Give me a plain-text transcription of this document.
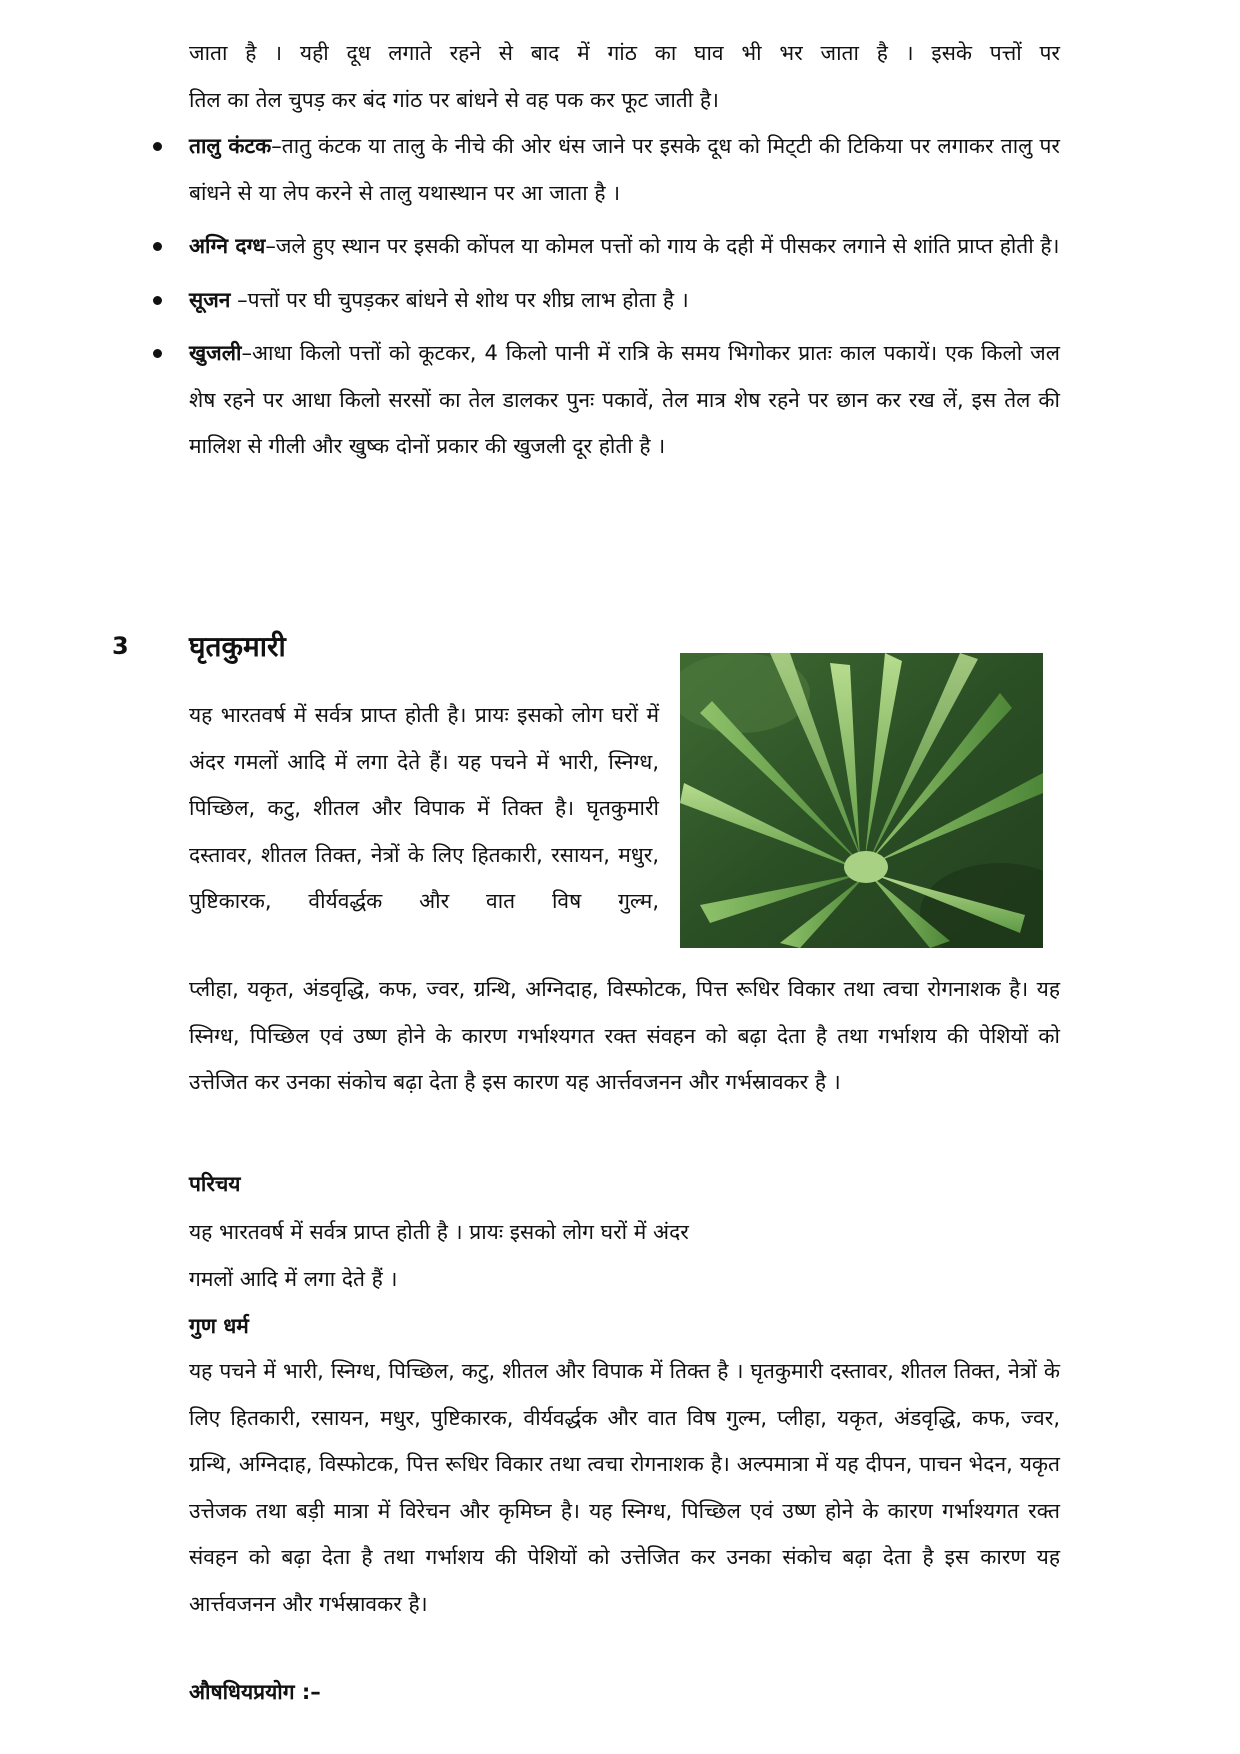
जाता है । यही दूध लगाते रहने से बाद में गांठ का घाव भी भर जाता है । इसके पत्तों पर
तिल का तेल चुपड़ कर बंद गांठ पर बांधने से वह पक कर फूट जाती है।
तालु कंटक–तातु कंटक या तालु के नीचे की ओर धंस जाने पर इसके दूध को मिट्‌टी की टिकिया पर लगाकर तालु पर बांधने से या लेप करने से तालु यथास्थान पर आ जाता है ।
अग्नि दग्ध–जले हुए स्थान पर इसकी कोंपल या कोमल पत्तों को गाय के दही में पीसकर लगाने से शांति प्राप्त होती है।
सूजन –पत्तों पर घी चुपड़कर बांधने से शोथ पर शीघ्र लाभ होता है ।
खुजली–आधा किलो पत्तों को कूटकर, 4 किलो पानी में रात्रि के समय भिगोकर प्रातः काल पकायें। एक किलो जल शेष रहने पर आधा किलो सरसों का तेल डालकर पुनः पकावें, तेल मात्र शेष रहने पर छान कर रख लें, इस तेल की मालिश से गीली और खुष्क दोनों प्रकार की खुजली दूर होती है ।
3 घृतकुमारी
यह भारतवर्ष में सर्वत्र प्राप्त होती है। प्रायः इसको लोग घरों में अंदर गमलों आदि में लगा देते हैं। यह पचने में भारी, स्निग्ध, पिच्छिल, कटु, शीतल और विपाक में तिक्त है। घृतकुमारी दस्तावर, शीतल तिक्त, नेत्रों के लिए हितकारी, रसायन, मधुर, पुष्टिकारक, वीर्यवर्द्धक और वात विष गुल्म,
प्लीहा, यकृत, अंडवृद्धि, कफ, ज्वर, ग्रन्थि, अग्निदाह, विस्फोटक, पित्त रूधिर विकार तथा त्वचा रोगनाशक है। यह स्निग्ध, पिच्छिल एवं उष्ण होने के कारण गर्भाश्यगत रक्त संवहन को बढ़ा देता है तथा गर्भाशय की पेशियों को उत्तेजित कर उनका संकोच बढ़ा देता है इस कारण यह आर्त्तवजनन और गर्भस्रावकर है ।
परिचय
यह भारतवर्ष में सर्वत्र प्राप्त होती है । प्रायः इसको लोग घरों में अंदर
गमलों आदि में लगा देते हैं ।
गुण धर्म
यह पचने में भारी, स्निग्ध, पिच्छिल, कटु, शीतल और विपाक में तिक्त है । घृतकुमारी दस्तावर, शीतल तिक्त, नेत्रों के लिए हितकारी, रसायन, मधुर, पुष्टिकारक, वीर्यवर्द्धक और वात विष गुल्म, प्लीहा, यकृत, अंडवृद्धि, कफ, ज्वर, ग्रन्थि, अग्निदाह, विस्फोटक, पित्त रूधिर विकार तथा त्वचा रोगनाशक है। अल्पमात्रा में यह दीपन, पाचन भेदन, यकृत उत्तेजक तथा बड़ी मात्रा में विरेचन और कृमिघ्न है। यह स्निग्ध, पिच्छिल एवं उष्ण होने के कारण गर्भाश्यगत रक्त संवहन को बढ़ा देता है तथा गर्भाशय की पेशियों को उत्तेजित कर उनका संकोच बढ़ा देता है इस कारण यह आर्त्तवजनन और गर्भस्रावकर है।
औषधियप्रयोग :–
